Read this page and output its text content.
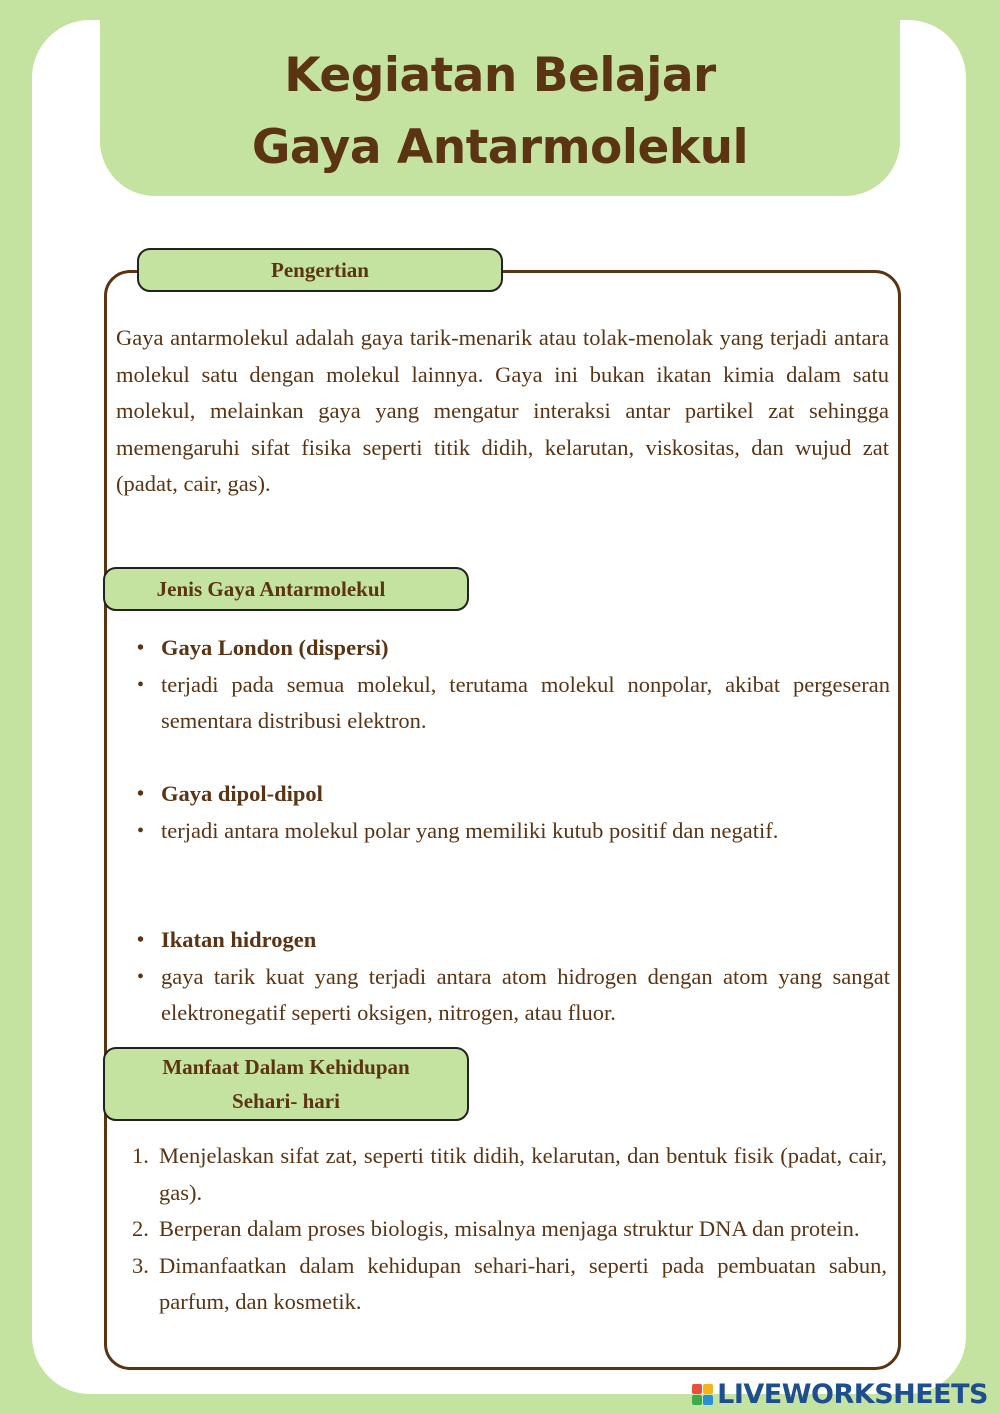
Kegiatan Belajar
Gaya Antarmolekul
Pengertian
Gaya antarmolekul adalah gaya tarik-menarik atau tolak-menolak yang terjadi antara molekul satu dengan molekul lainnya. Gaya ini bukan ikatan kimia dalam satu molekul, melainkan gaya yang mengatur interaksi antar partikel zat sehingga memengaruhi sifat fisika seperti titik didih, kelarutan, viskositas, dan wujud zat (padat, cair, gas).
Jenis Gaya Antarmolekul
• Gaya London (dispersi)
• terjadi pada semua molekul, terutama molekul nonpolar, akibat pergeseran sementara distribusi elektron.
• Gaya dipol-dipol
• terjadi antara molekul polar yang memiliki kutub positif dan negatif.
• Ikatan hidrogen
• gaya tarik kuat yang terjadi antara atom hidrogen dengan atom yang sangat elektronegatif seperti oksigen, nitrogen, atau fluor.
Manfaat Dalam Kehidupan
Sehari- hari
1. Menjelaskan sifat zat, seperti titik didih, kelarutan, dan bentuk fisik (padat, cair, gas).
2. Berperan dalam proses biologis, misalnya menjaga struktur DNA dan protein.
3. Dimanfaatkan dalam kehidupan sehari-hari, seperti pada pembuatan sabun, parfum, dan kosmetik.
LIVEWORKSHEETS
